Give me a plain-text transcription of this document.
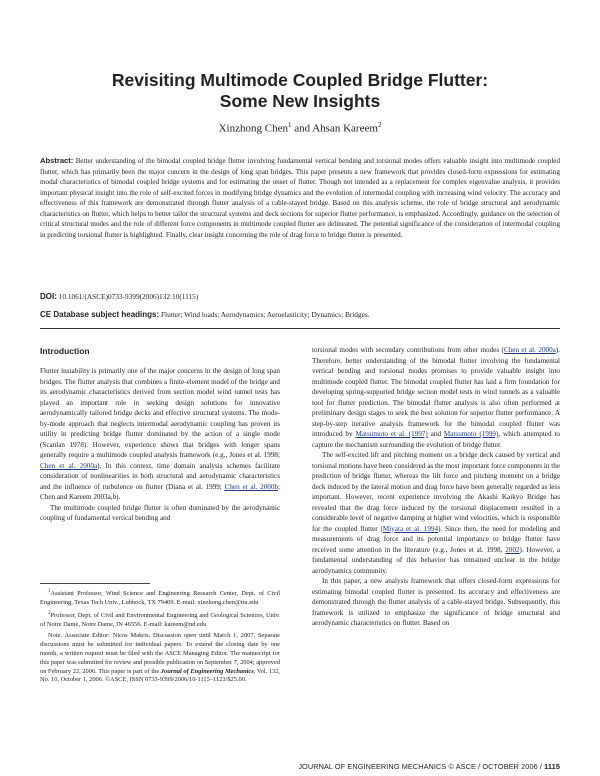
Revisiting Multimode Coupled Bridge Flutter:
Some New Insights
Xinzhong Chen$^1$ and Ahsan Kareem$^2$
Abstract: Better understanding of the bimodal coupled bridge flutter involving fundamental vertical bending and torsional modes offers valuable insight into multimode coupled flutter, which has primarily been the major concern in the design of long span bridges. This paper presents a new framework that provides closed-form expressions for estimating modal characteristics of bimodal coupled bridge systems and for estimating the onset of flutter. Though not intended as a replacement for complex eigenvalue analysis, it provides important physical insight into the role of self-excited forces in modifying bridge dynamics and the evolution of intermodal coupling with increasing wind velocity. The accuracy and effectiveness of this framework are demonstrated through flutter analysis of a cable-stayed bridge. Based on this analysis scheme, the role of bridge structural and aerodynamic characteristics on flutter, which helps to better tailor the structural systems and deck sections for superior flutter performance, is emphasized. Accordingly, guidance on the selection of critical structural modes and the role of different force components in multimode coupled flutter are delineated. The potential significance of the consideration of intermodal coupling in predicting torsional flutter is highlighted. Finally, clear insight concerning the role of drag force to bridge flutter is presented.
DOI: 10.1061/(ASCE)0733-9399(2006)132:10(1115)
CE Database subject headings: Flutter; Wind loads; Aerodynamics; Aeroelasticity; Dynamics; Bridges.
Introduction

Flutter instability is primarily one of the major concerns in the design of long span bridges. The flutter analysis that combines a finite-element model of the bridge and its aerodynamic characteristics derived from section model wind tunnel tests has played an important role in seeking design solutions for innovative aerodynamically tailored bridge decks and effective structural systems. The mode-by-mode approach that neglects intermodal aerodynamic coupling has proven its utility in predicting bridge flutter dominated by the action of a single mode (Scanlan 1978). However, experience shows that bridges with longer spans generally require a multimode coupled analysis framework (e.g., Jones et al. 1998; Chen et al. 2000a). In this context, time domain analysis schemes facilitate consideration of nonlinearities in both structural and aerodynamic characteristics and the influence of turbulence on flutter (Diana et al. 1999; Chen et al. 2000b; Chen and Kareem 2003a,b).

The multimode coupled bridge flutter is often dominated by the aerodynamic coupling of fundamental vertical bending and

$^1$Assistant Professor, Wind Science and Engineering Research Center, Dept. of Civil Engineering, Texas Tech Univ., Lubbock, TX 79409. E-mail: xinzhong.chen@ttu.edu

$^2$Professor, Dept. of Civil and Environmental Engineering and Geological Sciences, Univ. of Notre Dame, Notre Dame, IN 46556. E-mail: kareem@nd.edu

Note. Associate Editor: Nicos Makris. Discussion open until March 1, 2007. Separate discussions must be submitted for individual papers. To extend the closing date by one month, a written request must be filed with the ASCE Managing Editor. The manuscript for this paper was submitted for review and possible publication on September 7, 2004; approved on February 22, 2006. This paper is part of the Journal of Engineering Mechanics, Vol. 132, No. 10, October 1, 2006. ©ASCE, ISSN 0733-9399/2006/10-1115–1123/$25.00.

torsional modes with secondary contributions from other modes (Chen et al. 2000a). Therefore, better understanding of the bimodal flutter involving the fundamental vertical bending and torsional modes promises to provide valuable insight into multimode coupled flutter. The bimodal coupled flutter has laid a firm foundation for developing spring-supported bridge section model tests in wind tunnels as a valuable tool for flutter prediction. The bimodal flutter analysis is also often performed at preliminary design stages to seek the best solution for superior flutter performance. A step-by-step iterative analysis framework for the bimodal coupled flutter was introduced by Matsumoto et al. (1997) and Matsumoto (1999), which attempted to capture the mechanism surrounding the evolution of bridge flutter.

The self-excited lift and pitching moment on a bridge deck caused by vertical and torsional motions have been considered as the most important force components in the prediction of bridge flutter, whereas the lift force and pitching moment on a bridge deck induced by the lateral motion and drag force have been generally regarded as less important. However, recent experience involving the Akashi Kaikyo Bridge has revealed that the drag force induced by the torsional displacement resulted in a considerable level of negative damping at higher wind velocities, which is responsible for the coupled flutter (Miyata et al. 1994). Since then, the need for modeling and measurements of drag force and its potential importance to bridge flutter have received some attention in the literature (e.g., Jones et al. 1998, 2002). However, a fundamental understanding of this behavior has remained unclear in the bridge aerodynamics community.

In this paper, a new analysis framework that offers closed-form expressions for estimating bimodal coupled flutter is presented. Its accuracy and effectiveness are demonstrated through the flutter analysis of a cable-stayed bridge. Subsequently, this framework is utilized to emphasize the significance of bridge structural and aerodynamic characteristics on flutter. Based on

JOURNAL OF ENGINEERING MECHANICS © ASCE / OCTOBER 2006 / 1115
